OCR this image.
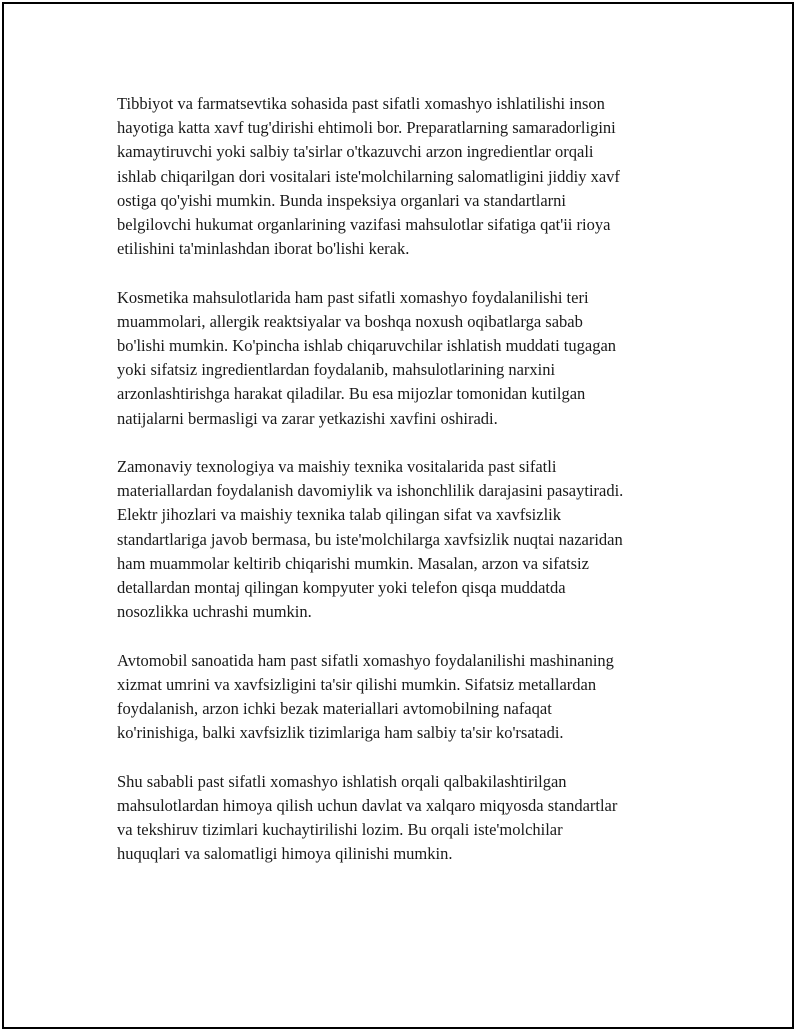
Tibbiyot va farmatsevtika sohasida past sifatli xomashyo ishlatilishi inson
hayotiga katta xavf tug'dirishi ehtimoli bor. Preparatlarning samaradorligini
kamaytiruvchi yoki salbiy ta'sirlar o'tkazuvchi arzon ingredientlar orqali
ishlab chiqarilgan dori vositalari iste'molchilarning salomatligini jiddiy xavf
ostiga qo'yishi mumkin. Bunda inspeksiya organlari va standartlarni
belgilovchi hukumat organlarining vazifasi mahsulotlar sifatiga qat'ii rioya
etilishini ta'minlashdan iborat bo'lishi kerak.

Kosmetika mahsulotlarida ham past sifatli xomashyo foydalanilishi teri
muammolari, allergik reaktsiyalar va boshqa noxush oqibatlarga sabab
bo'lishi mumkin. Ko'pincha ishlab chiqaruvchilar ishlatish muddati tugagan
yoki sifatsiz ingredientlardan foydalanib, mahsulotlarining narxini
arzonlashtirishga harakat qiladilar. Bu esa mijozlar tomonidan kutilgan
natijalarni bermasligi va zarar yetkazishi xavfini oshiradi.

Zamonaviy texnologiya va maishiy texnika vositalarida past sifatli
materiallardan foydalanish davomiylik va ishonchlilik darajasini pasaytiradi.
Elektr jihozlari va maishiy texnika talab qilingan sifat va xavfsizlik
standartlariga javob bermasa, bu iste'molchilarga xavfsizlik nuqtai nazaridan
ham muammolar keltirib chiqarishi mumkin. Masalan, arzon va sifatsiz
detallardan montaj qilingan kompyuter yoki telefon qisqa muddatda
nosozlikka uchrashi mumkin.

Avtomobil sanoatida ham past sifatli xomashyo foydalanilishi mashinaning
xizmat umrini va xavfsizligini ta'sir qilishi mumkin. Sifatsiz metallardan
foydalanish, arzon ichki bezak materiallari avtomobilning nafaqat
ko'rinishiga, balki xavfsizlik tizimlariga ham salbiy ta'sir ko'rsatadi.

Shu sababli past sifatli xomashyo ishlatish orqali qalbakilashtirilgan
mahsulotlardan himoya qilish uchun davlat va xalqaro miqyosda standartlar
va tekshiruv tizimlari kuchaytirilishi lozim. Bu orqali iste'molchilar
huquqlari va salomatligi himoya qilinishi mumkin.
